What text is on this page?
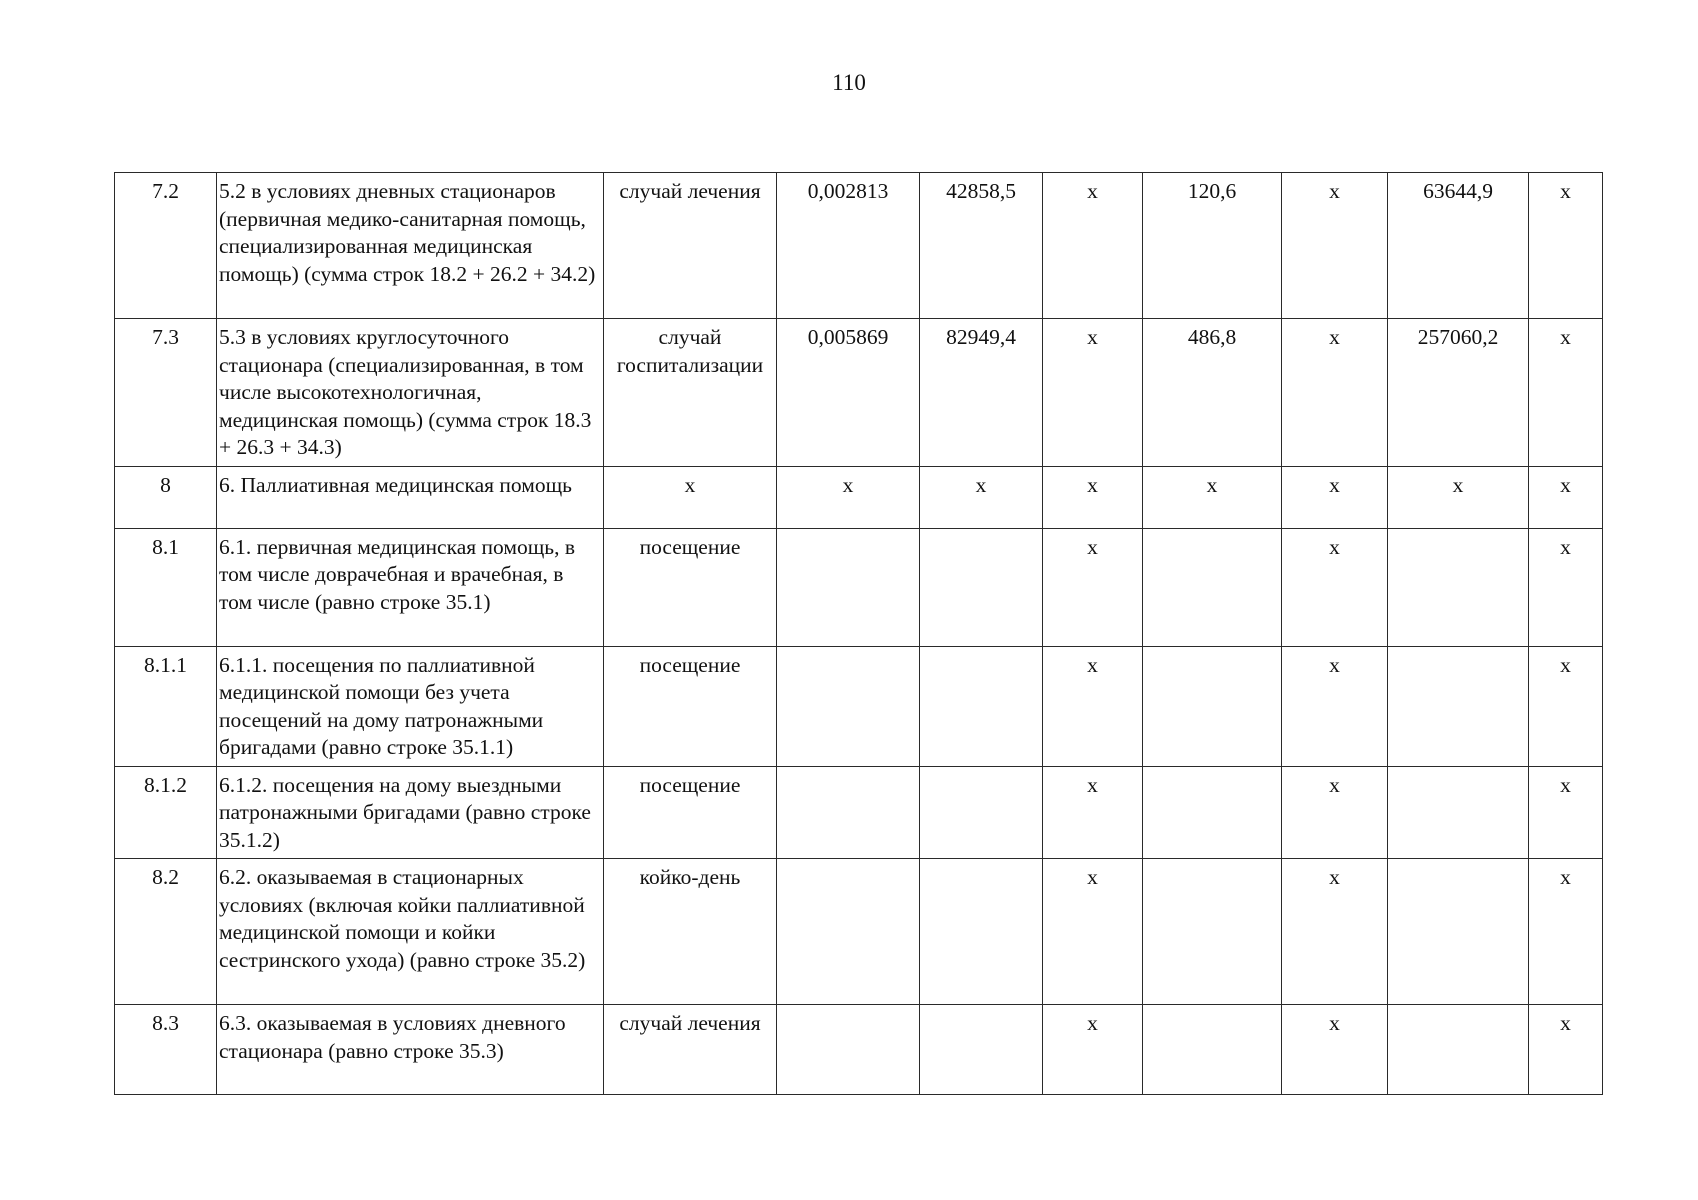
110
7.2	5.2 в условиях дневных стационаров (первичная медико-санитарная помощь, специализированная медицинская помощь) (сумма строк 18.2 + 26.2 + 34.2)	случай лечения	0,002813	42858,5	х	120,6	х	63644,9	х
7.3	5.3 в условиях круглосуточного стационара (специализированная, в том числе высокотехнологичная, медицинская помощь) (сумма строк 18.3 + 26.3 + 34.3)	случай госпитализации	0,005869	82949,4	х	486,8	х	257060,2	х
8	6. Паллиативная медицинская помощь	х	х	х	х	х	х	х	х
8.1	6.1. первичная медицинская помощь, в том числе доврачебная и врачебная, в том числе (равно строке 35.1)	посещение			х		х		х
8.1.1	6.1.1. посещения по паллиативной медицинской помощи без учета посещений на дому патронажными бригадами (равно строке 35.1.1)	посещение			х		х		х
8.1.2	6.1.2. посещения на дому выездными патронажными бригадами (равно строке 35.1.2)	посещение			х		х		х
8.2	6.2. оказываемая в стационарных условиях (включая койки паллиативной медицинской помощи и койки сестринского ухода) (равно строке 35.2)	койко-день			х		х		х
8.3	6.3. оказываемая в условиях дневного стационара (равно строке 35.3)	случай лечения			х		х		х
